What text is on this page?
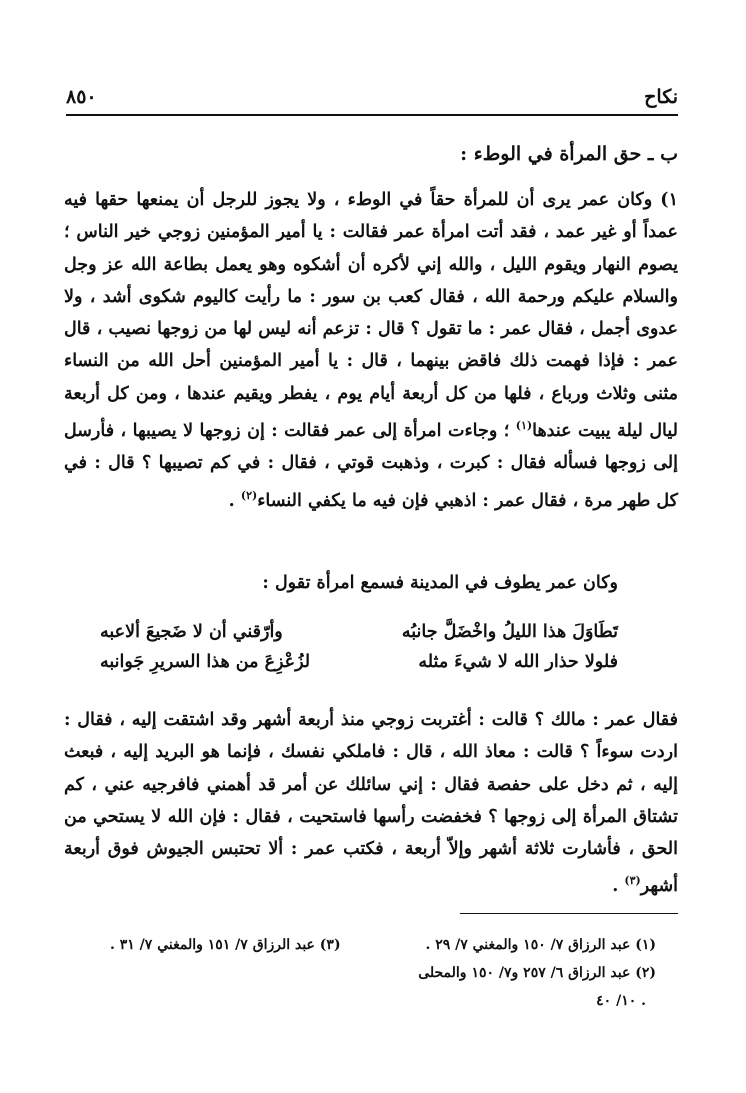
نكاح
٨٥٠
ب ـ حق المرأة في الوطء :
١) وكان عمر يرى أن للمرأة حقاً في الوطء ، ولا يجوز للرجل أن يمنعها حقها فيه عمداً أو غير عمد ، فقد أتت امرأة عمر فقالت : يا أمير المؤمنين زوجي خير الناس ؛ يصوم النهار ويقوم الليل ، والله إني لأكره أن أشكوه وهو يعمل بطاعة الله عز وجل والسلام عليكم ورحمة الله ، فقال كعب بن سور : ما رأيت كاليوم شكوى أشد ، ولا عدوى أجمل ، فقال عمر : ما تقول ؟ قال : تزعم أنه ليس لها من زوجها نصيب ، قال عمر : فإذا فهمت ذلك فاقض بينهما ، قال : يا أمير المؤمنين أحل الله من النساء مثنى وثلاث ورباع ، فلها من كل أربعة أيام يوم ، يفطر ويقيم عندها ، ومن كل أربعة ليال ليلة يبيت عندها$^{(١)}$ ؛ وجاءت امرأة إلى عمر فقالت : إن زوجها لا يصيبها ، فأرسل إلى زوجها فسأله فقال : كبرت ، وذهبت قوتي ، فقال : في كم تصيبها ؟ قال : في كل طهر مرة ، فقال عمر : اذهبي فإن فيه ما يكفي النساء$^{(٢)}$ .
وكان عمر يطوف في المدينة فسمع امرأة تقول :
تَطَاوَلَ هذا الليلُ واخْضَلَّ جانبُه
وأرّقني أن لا ضَجيعَ ألاعبه
فلولا حذار الله لا شيءَ مثله
لزُعْزِعَ من هذا السريرِ جَوانبه
فقال عمر : مالك ؟ قالت : أغتربت زوجي منذ أربعة أشهر وقد اشتقت إليه ، فقال : اردت سوءاً ؟ قالت : معاذ الله ، قال : فاملكي نفسك ، فإنما هو البريد إليه ، فبعث إليه ، ثم دخل على حفصة فقال : إني سائلك عن أمر قد أهمني فافرجيه عني ، كم تشتاق المرأة إلى زوجها ؟ فخفضت رأسها فاستحيت ، فقال : فإن الله لا يستحي من الحق ، فأشارت ثلاثة أشهر وإلاّ أربعة ، فكتب عمر : ألا تحتبس الجيوش فوق أربعة أشهر$^{(٣)}$ .
(١) عبد الرزاق ٧/ ١٥٠ والمغني ٧/ ٢٩ .
(٣) عبد الرزاق ٧/ ١٥١ والمغني ٧/ ٣١ .
(٢) عبد الرزاق ٦/ ٢٥٧ و٧/ ١٥٠ والمحلى
١٠/ ٤٠ .
